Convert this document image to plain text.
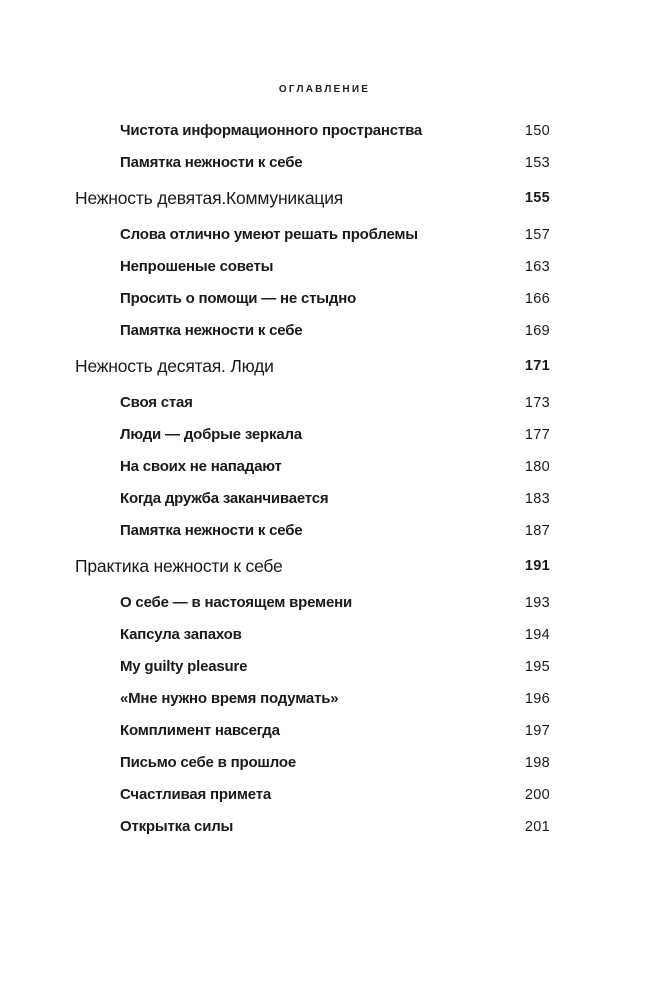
ОГЛАВЛЕНИЕ
Чистота информационного пространства	150
Памятка нежности к себе	153
Нежность девятая.Коммуникация	155
Слова отлично умеют решать проблемы	157
Непрошеные советы	163
Просить о помощи — не стыдно	166
Памятка нежности к себе	169
Нежность десятая. Люди	171
Своя стая	173
Люди — добрые зеркала	177
На своих не нападают	180
Когда дружба заканчивается	183
Памятка нежности к себе	187
Практика нежности к себе	191
О себе — в настоящем времени	193
Капсула запахов	194
My guilty pleasure	195
«Мне нужно время подумать»	196
Комплимент навсегда	197
Письмо себе в прошлое	198
Счастливая примета	200
Открытка силы	201
